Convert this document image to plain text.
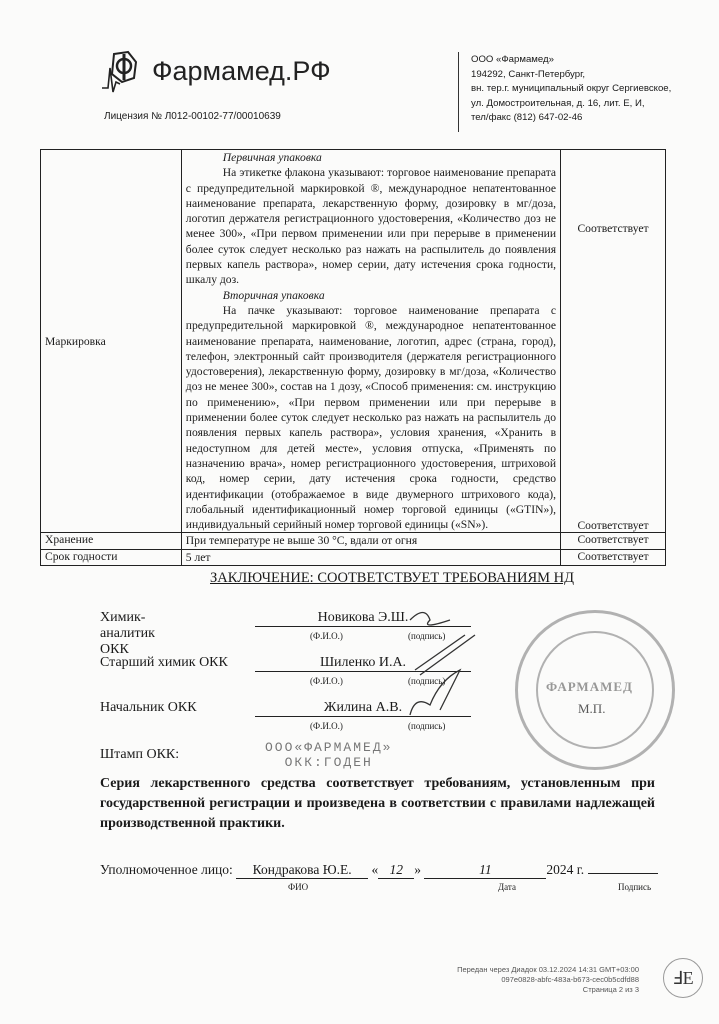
Фармамед.РФ
Лицензия № Л012-00102-77/00010639
ООО «Фармамед»
194292, Санкт-Петербург,
вн. тер.г. муниципальный округ Сергиевское,
ул. Домостроительная, д. 16, лит. Е, И,
тел/факс (812) 647-02-46
Маркировка	Первичная упаковка
На этикетке флакона указывают: торговое наименование препарата с предупредительной маркировкой ®, международное непатентованное наименование препарата, лекарственную форму, дозировку в мг/доза, логотип держателя регистрационного удостоверения, «Количество доз не менее 300», «При первом применении или при перерыве в применении более суток следует несколько раз нажать на распылитель до появления первых капель раствора», номер серии, дату истечения срока годности, шкалу доз.	Соответствует

	Вторичная упаковка
На пачке указывают: торговое наименование препарата с предупредительной маркировкой ®, международное непатентованное наименование препарата, наименование, логотип, адрес (страна, город), телефон, электронный сайт производителя (держателя регистрационного удостоверения), лекарственную форму, дозировку в мг/доза, «Количество доз не менее 300», состав на 1 дозу, «Способ применения: см. инструкцию по применению», «При первом применении или при перерыве в применении более суток следует несколько раз нажать на распылитель до появления первых капель раствора», условия хранения, «Хранить в недоступном для детей месте», условия отпуска, «Применять по назначению врача», номер регистрационного удостоверения, штриховой код, номер серии, дату истечения срока годности, средство идентификации (отображаемое в виде двумерного штрихового кода), глобальный идентификационный номер торговой единицы («GTIN»), индивидуальный серийный номер торговой единицы («SN»).	Соответствует
Хранение	При температуре не выше 30 °С, вдали от огня	Соответствует
Срок годности	5 лет	Соответствует
ЗАКЛЮЧЕНИЕ: СООТВЕТСТВУЕТ ТРЕБОВАНИЯМ НД
Химик-аналитик ОКК
Новикова Э.Ш.
(Ф.И.О.)	(подпись)
Старший химик ОКК	Шиленко И.А.
(Ф.И.О.)	(подпись)
Начальник ОКК	Жилина А.В.
(Ф.И.О.)	(подпись)
Штамп ОКК:	ООО«ФАРМАМЕД»
ОКК:ГОДЕН
ФАРМАМЕД
М.П.
Серия лекарственного средства соответствует требованиям, установленным при государственной регистрации и произведена в соответствии с правилами надлежащей производственной практики.
Уполномоченное лицо: Кондракова Ю.Е. « 12 »	11	2024 г.
ФИО	Дата	Подпись
Передан через Диадок 03.12.2024 14:31 GMT+03:00
097e0828-abfc-483a-b673-cec0b5cdfd88
Страница 2 из 3
ℲE
